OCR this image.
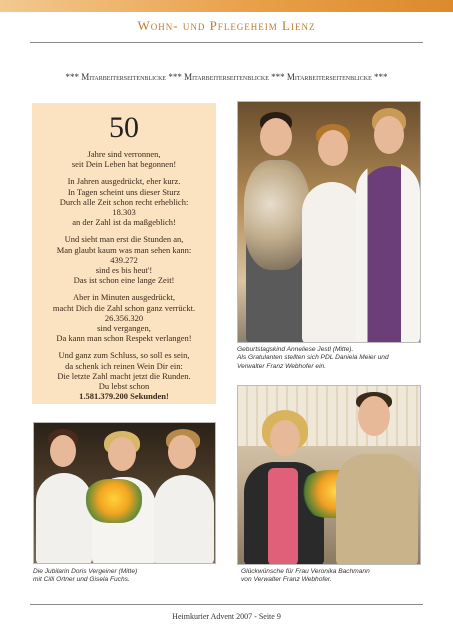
Wohn- und Pflegeheim Lienz
*** Mitarbeiterseitenblicke *** Mitarbeiterseitenblicke *** Mitarbeiterseitenblicke ***
50
Jahre sind verronnen,
seit Dein Leben hat begonnen!
In Jahren ausgedrückt, eher kurz.
In Tagen scheint uns dieser Sturz
Durch alle Zeit schon recht erheblich:
18.303
an der Zahl ist da maßgeblich!
Und sieht man erst die Stunden an,
Man glaubt kaum was man sehen kann:
439.272
sind es bis heut'!
Das ist schon eine lange Zeit!
Aber in Minuten ausgedrückt,
macht Dich die Zahl schon ganz verrückt.
26.356.320
sind vergangen,
Da kann man schon Respekt verlangen!
Und ganz zum Schluss, so soll es sein,
da schenk ich reinen Wein Dir ein:
Die letzte Zahl macht jetzt die Runden.
Du lebst schon
1.581.379.200 Sekunden!
Geburtstagskind Anneliese Jestl (Mitte).
Als Gratulanten stellten sich PDL Daniela Meier und
Verwalter Franz Webhofer ein.
Die Jubilarin Doris Vergeiner (Mitte)
mit Cilli Ortner und Gisela Fuchs.
Glückwünsche für Frau Veronika Bachmann
von Verwalter Franz Webhofer.
Heimkurier Advent 2007 - Seite 9
